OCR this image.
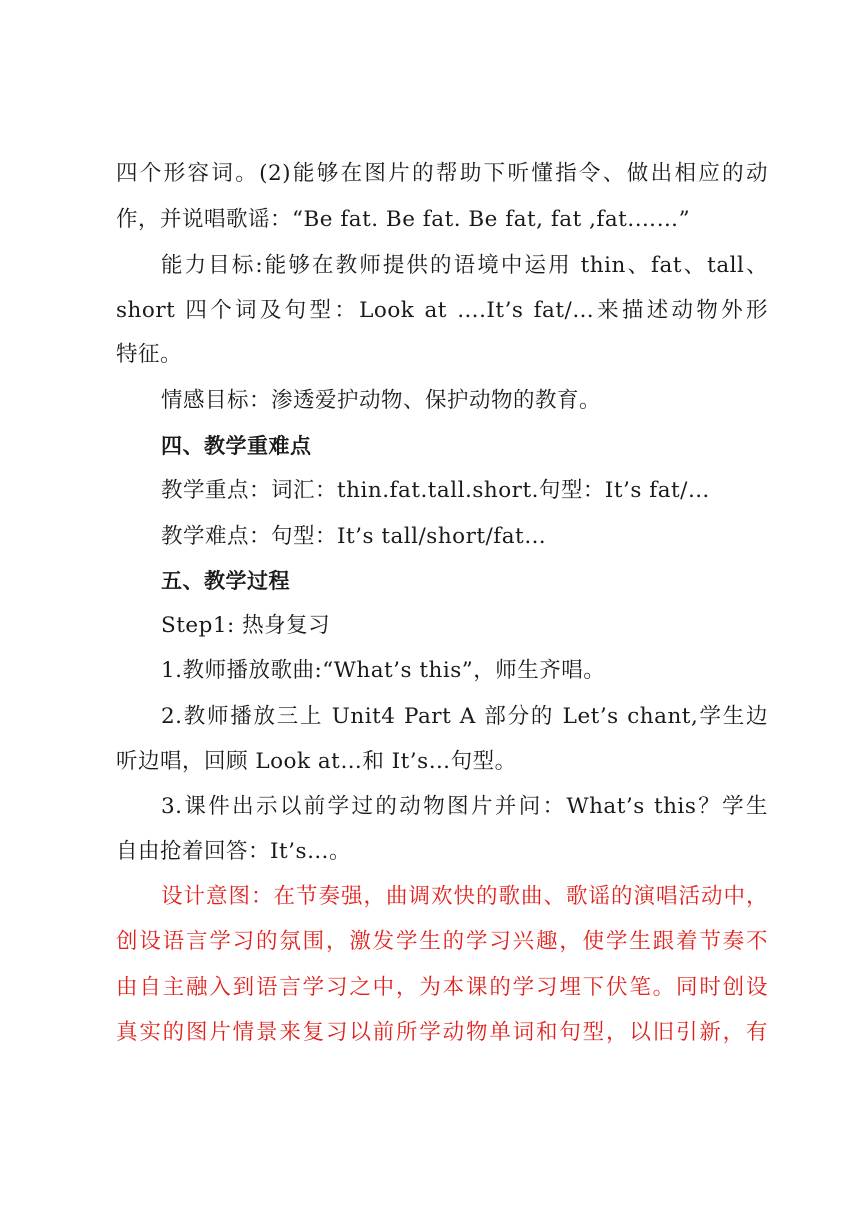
四个形容词。(2)能够在图片的帮助下听懂指令、做出相应的动
作，并说唱歌谣：“Be fat. Be fat. Be fat, fat ,fat.……”
能力目标:能够在教师提供的语境中运用 thin、fat、tall、
short 四个词及句型：Look at ….It’s fat/…来描述动物外形
特征。
情感目标：渗透爱护动物、保护动物的教育。
四、教学重难点
教学重点：词汇：thin.fat.tall.short.句型：It’s fat/…
教学难点：句型：It’s tall/short/fat…
五、教学过程
Step1: 热身复习
1.教师播放歌曲:“What’s this”，师生齐唱。
2.教师播放三上 Unit4 Part A 部分的 Let’s chant,学生边
听边唱，回顾 Look at…和 It’s…句型。
3.课件出示以前学过的动物图片并问：What’s this？学生
自由抢着回答：It’s…。
设计意图：在节奏强，曲调欢快的歌曲、歌谣的演唱活动中，
创设语言学习的氛围，激发学生的学习兴趣，使学生跟着节奏不
由自主融入到语言学习之中，为本课的学习埋下伏笔。同时创设
真实的图片情景来复习以前所学动物单词和句型，以旧引新，有
